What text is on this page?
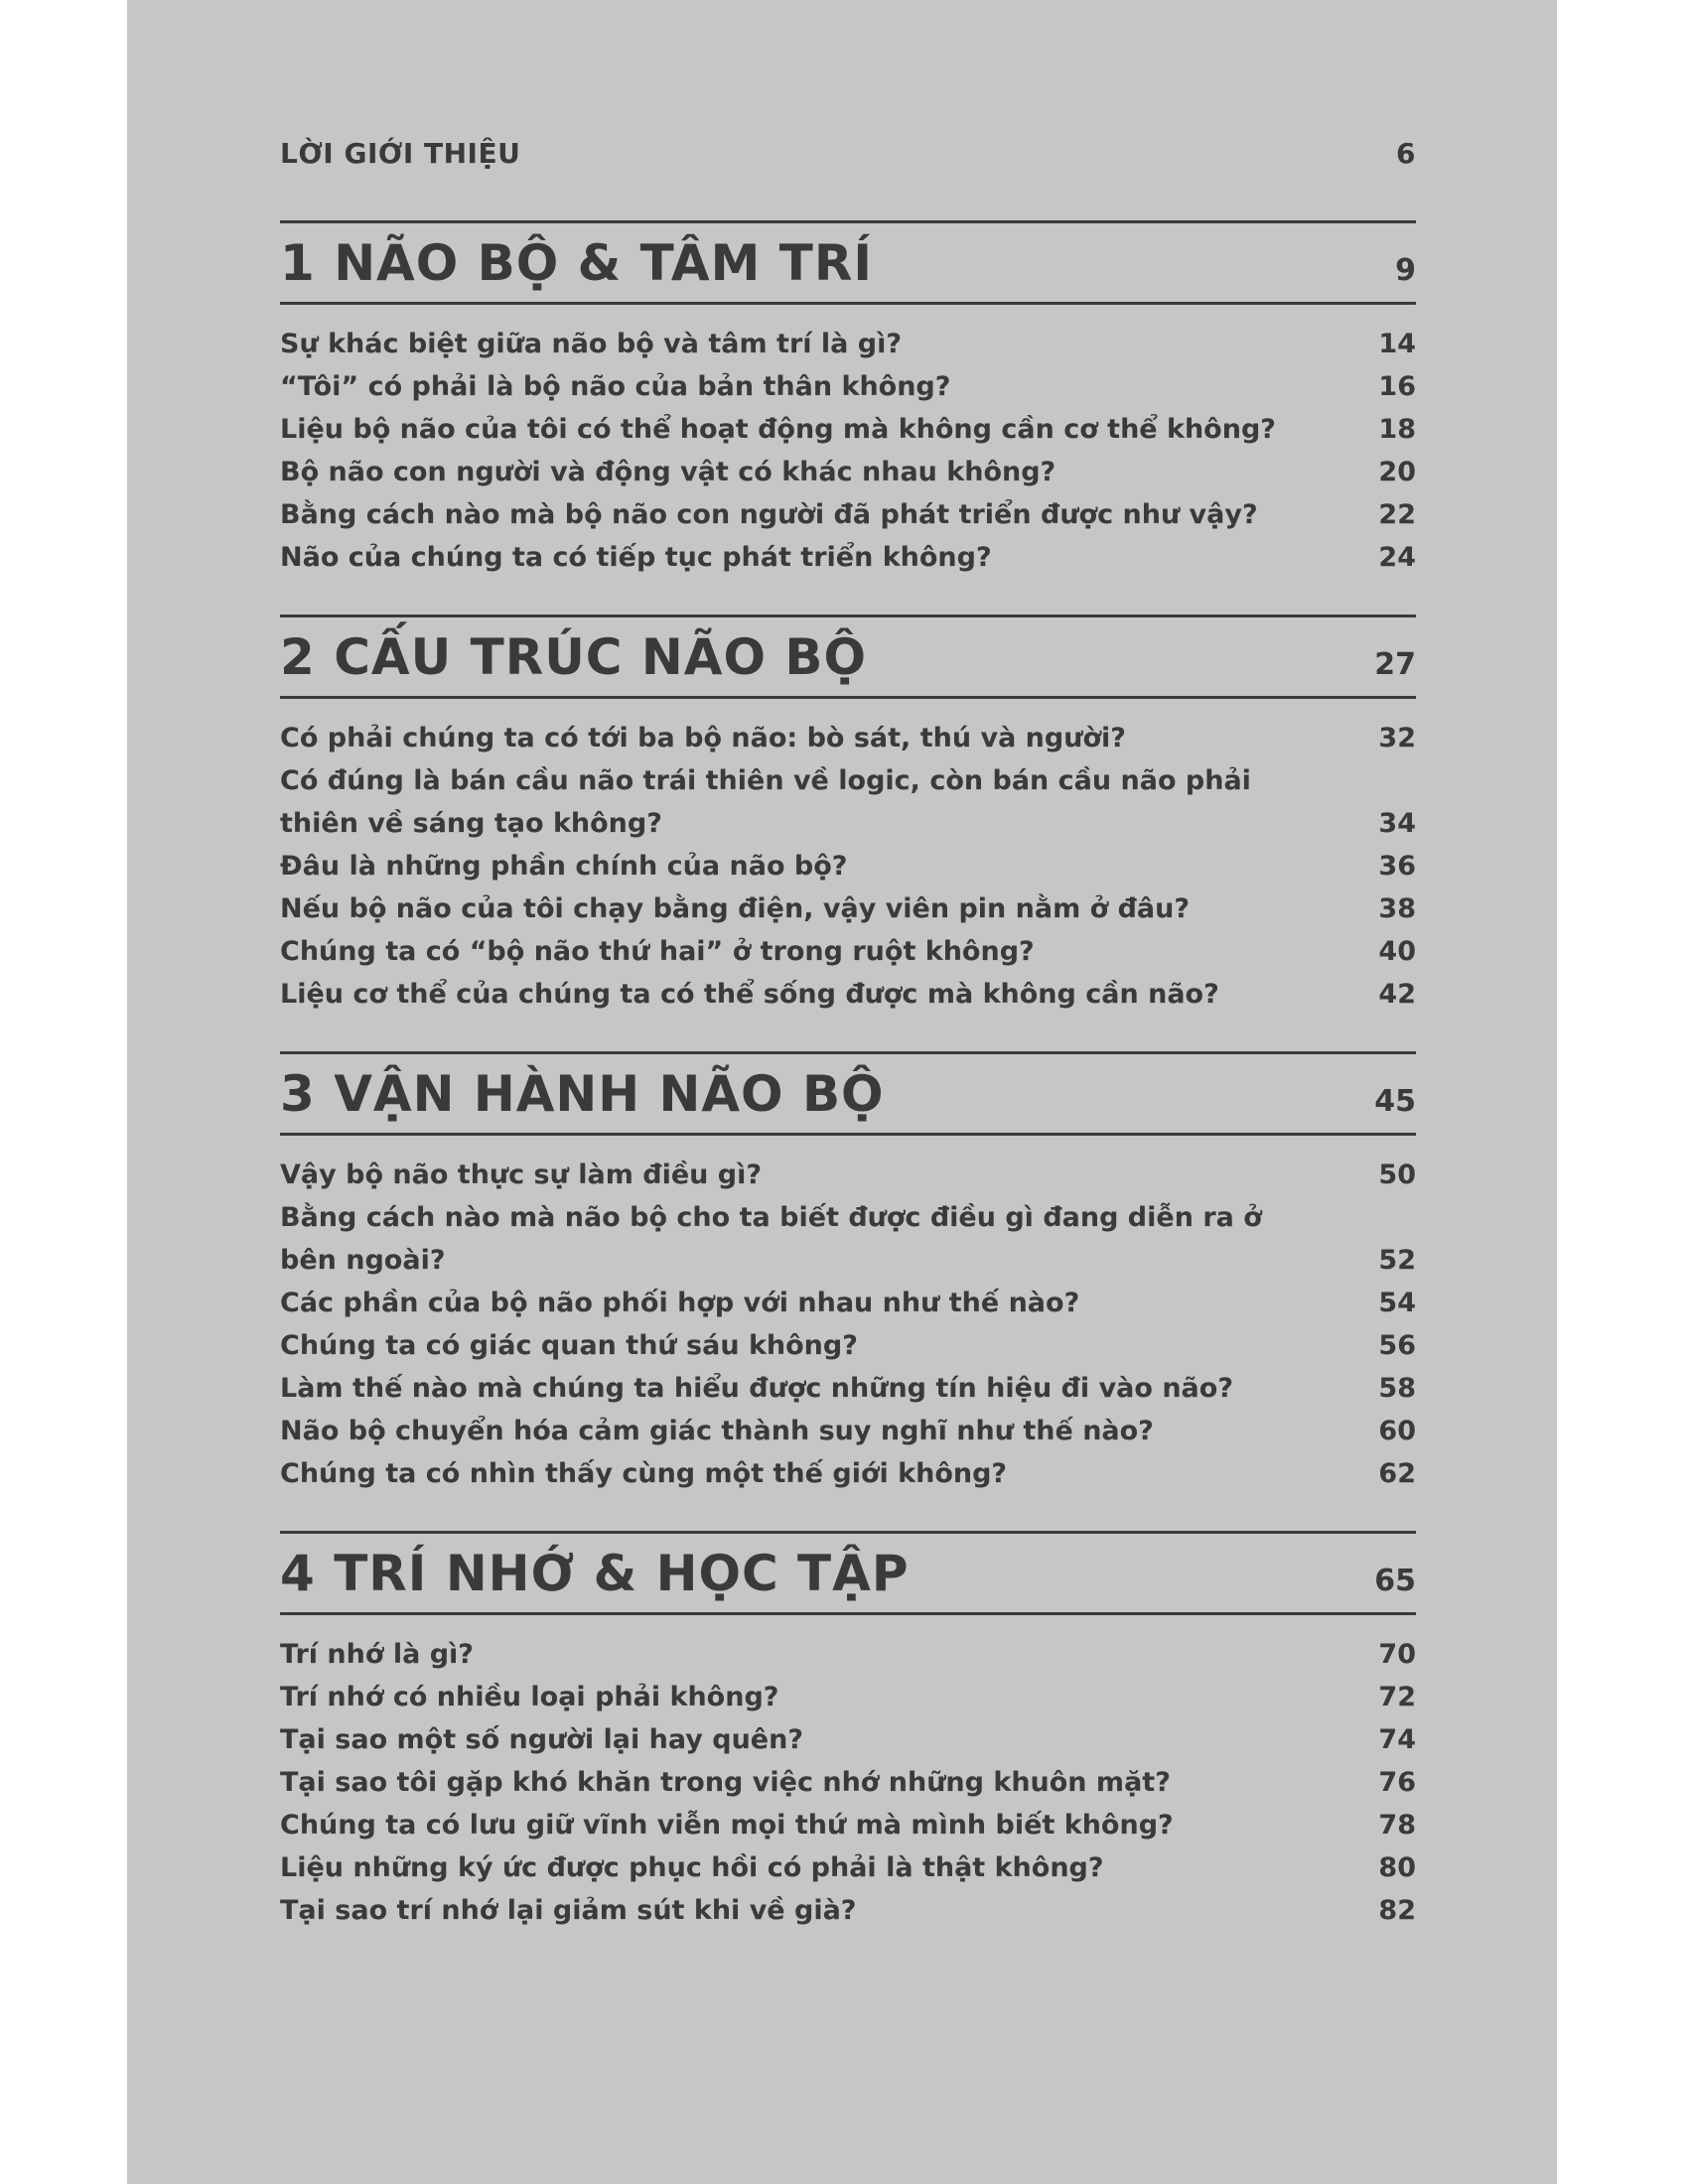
LỜI GIỚI THIỆU	6
1 NÃO BỘ & TÂM TRÍ	9
Sự khác biệt giữa não bộ và tâm trí là gì?	14
“Tôi” có phải là bộ não của bản thân không?	16
Liệu bộ não của tôi có thể hoạt động mà không cần cơ thể không?	18
Bộ não con người và động vật có khác nhau không?	20
Bằng cách nào mà bộ não con người đã phát triển được như vậy?	22
Não của chúng ta có tiếp tục phát triển không?	24
2 CẤU TRÚC NÃO BỘ	27
Có phải chúng ta có tới ba bộ não: bò sát, thú và người?	32
Có đúng là bán cầu não trái thiên về logic, còn bán cầu não phải thiên về sáng tạo không?	34
Đâu là những phần chính của não bộ?	36
Nếu bộ não của tôi chạy bằng điện, vậy viên pin nằm ở đâu?	38
Chúng ta có “bộ não thứ hai” ở trong ruột không?	40
Liệu cơ thể của chúng ta có thể sống được mà không cần não?	42
3 VẬN HÀNH NÃO BỘ	45
Vậy bộ não thực sự làm điều gì?	50
Bằng cách nào mà não bộ cho ta biết được điều gì đang diễn ra ở bên ngoài?	52
Các phần của bộ não phối hợp với nhau như thế nào?	54
Chúng ta có giác quan thứ sáu không?	56
Làm thế nào mà chúng ta hiểu được những tín hiệu đi vào não?	58
Não bộ chuyển hóa cảm giác thành suy nghĩ như thế nào?	60
Chúng ta có nhìn thấy cùng một thế giới không?	62
4 TRÍ NHỚ & HỌC TẬP	65
Trí nhớ là gì?	70
Trí nhớ có nhiều loại phải không?	72
Tại sao một số người lại hay quên?	74
Tại sao tôi gặp khó khăn trong việc nhớ những khuôn mặt?	76
Chúng ta có lưu giữ vĩnh viễn mọi thứ mà mình biết không?	78
Liệu những ký ức được phục hồi có phải là thật không?	80
Tại sao trí nhớ lại giảm sút khi về già?	82
